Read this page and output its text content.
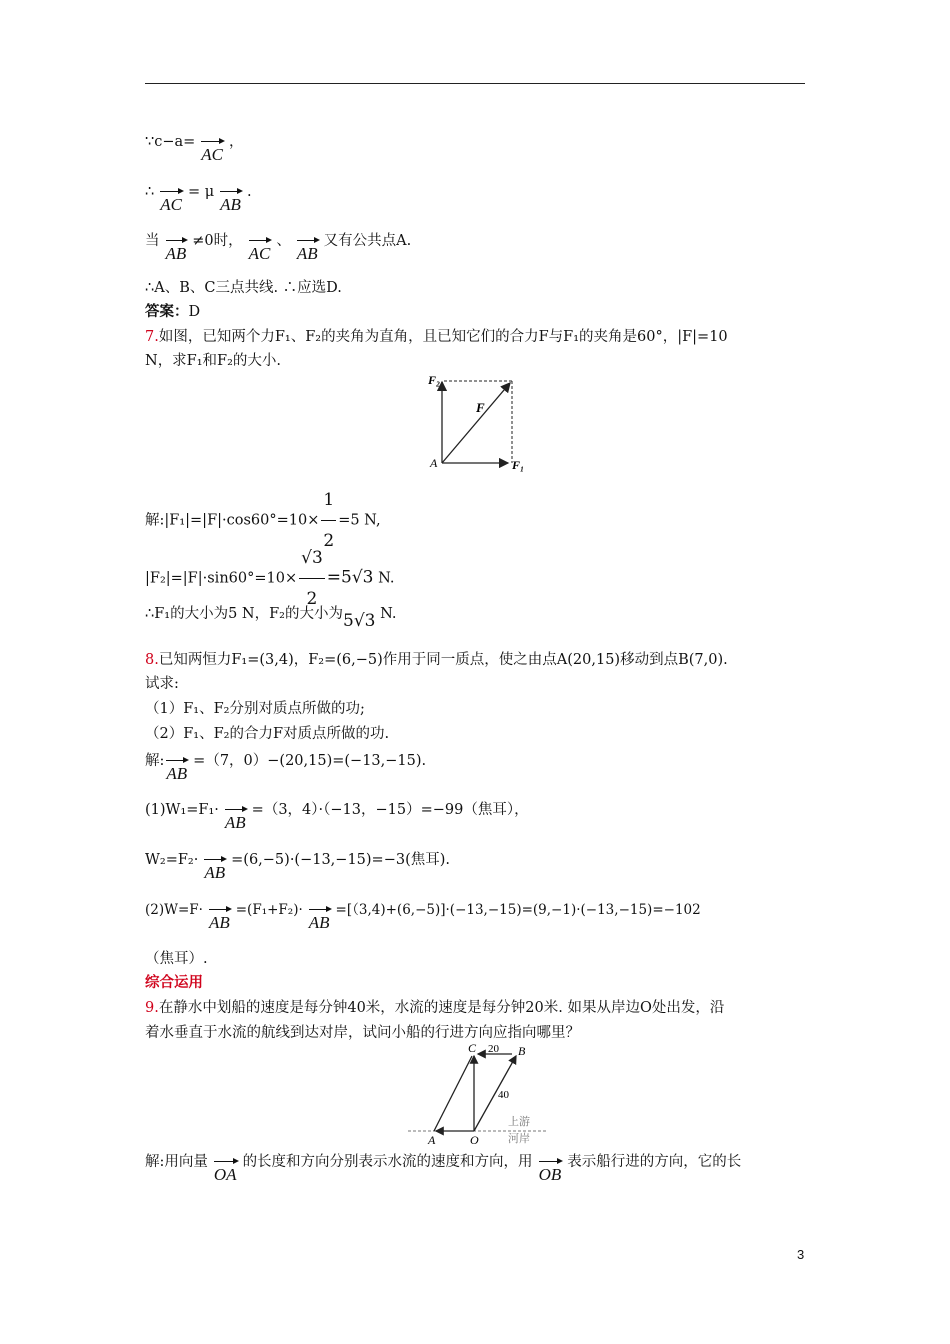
∵c−a=AC，
∴AC= μAB.
当AB≠0时，AC、AB又有公共点A.
∴A、B、C三点共线. ∴应选D.
答案：D
7.如图，已知两个力F₁、F₂的夹角为直角，且已知它们的合力F与F₁的夹角是60°，|F|=10
N，求F₁和F₂的大小.
F₂
F
A	F₁
解:|F₁|=|F|·cos60°=10× $\frac{1}{2} =5$ N,
$|F_2|=|F|\cdot\sin 60^\circ=10\times \frac{√3}{2} =5√3$ N.
∴F₁的大小为5 N，F₂的大小为5√3 N.
8.已知两恒力F₁=(3,4)，F₂=(6,−5)作用于同一质点，使之由点A(20,15)移动到点B(7,0).
试求:
（1）F₁、F₂分别对质点所做的功;
（2）F₁、F₂的合力F对质点所做的功.
解:AB=（7，0）−(20,15)=(−13,−15).
(1)W₁=F₁·AB=（3，4）·（−13，−15）=−99（焦耳），
W₂=F₂·AB=(6,−5)·(−13,−15)=−3(焦耳).
(2)W=F·AB=(F₁+F₂)·AB=[（3,4)+(6,−5)]·(−13,−15)=(9,−1)·(−13,−15)=−102
（焦耳）.
综合运用
9.在静水中划船的速度是每分钟40米，水流的速度是每分钟20米. 如果从岸边O处出发，沿
着水垂直于水流的航线到达对岸，试问小船的行进方向应指向哪里？
C 20 B
40
上游
河岸
A	O
解:用向量OA的长度和方向分别表示水流的速度和方向，用OB表示船行进的方向，它的长
3
